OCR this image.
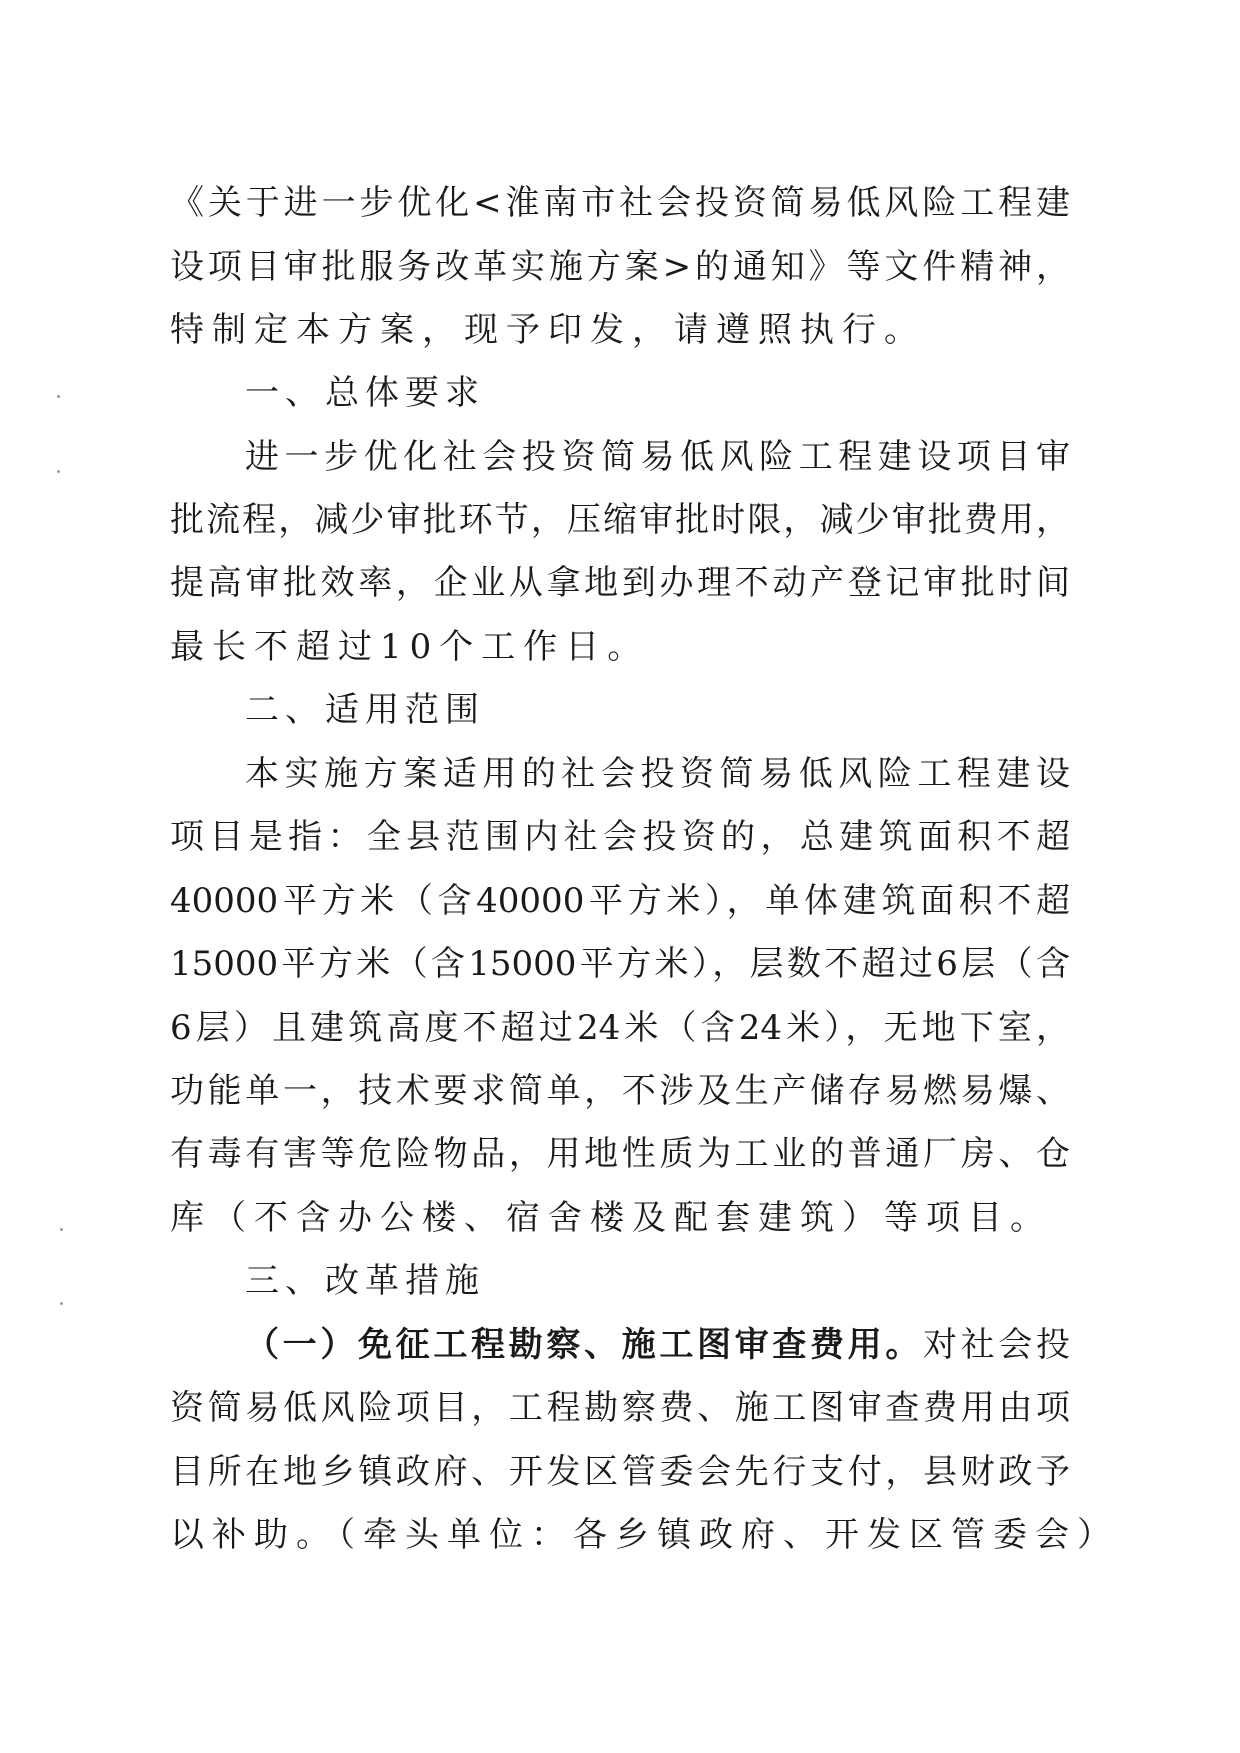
《关于进一步优化<淮南市社会投资简易低风险工程建
设项目审批服务改革实施方案>的通知》等文件精神，
特制定本方案，现予印发，请遵照执行。
一、总体要求
进一步优化社会投资简易低风险工程建设项目审
批流程，减少审批环节，压缩审批时限，减少审批费用，
提高审批效率，企业从拿地到办理不动产登记审批时间
最长不超过10个工作日。
二、适用范围
本实施方案适用的社会投资简易低风险工程建设
项目是指：全县范围内社会投资的，总建筑面积不超
40000平方米（含40000平方米），单体建筑面积不超
15000平方米（含15000平方米），层数不超过6层（含
6层）且建筑高度不超过24米（含24米），无地下室，
功能单一，技术要求简单，不涉及生产储存易燃易爆、
有毒有害等危险物品，用地性质为工业的普通厂房、仓
库（不含办公楼、宿舍楼及配套建筑）等项目。
三、改革措施
（一）免征工程勘察、施工图审查费用。对社会投
资简易低风险项目，工程勘察费、施工图审查费用由项
目所在地乡镇政府、开发区管委会先行支付，县财政予
以补助。（牵头单位：各乡镇政府、开发区管委会）
